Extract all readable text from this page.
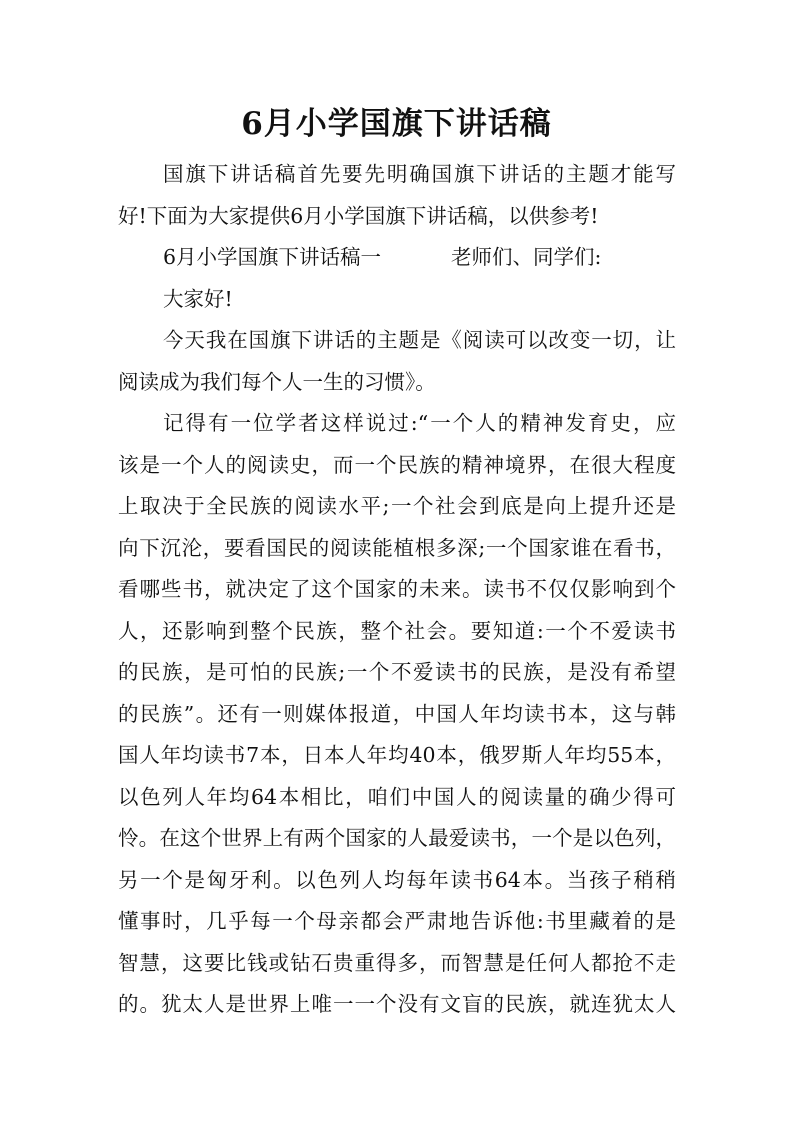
6月小学国旗下讲话稿
国旗下讲话稿首先要先明确国旗下讲话的主题才能写
好!下面为大家提供6月小学国旗下讲话稿，以供参考!
6月小学国旗下讲话稿一	老师们、同学们:
大家好!
今天我在国旗下讲话的主题是《阅读可以改变一切，让
阅读成为我们每个人一生的习惯》。
记得有一位学者这样说过:“一个人的精神发育史，应
该是一个人的阅读史，而一个民族的精神境界，在很大程度
上取决于全民族的阅读水平;一个社会到底是向上提升还是
向下沉沦，要看国民的阅读能植根多深;一个国家谁在看书，
看哪些书，就决定了这个国家的未来。读书不仅仅影响到个
人，还影响到整个民族，整个社会。要知道:一个不爱读书
的民族，是可怕的民族;一个不爱读书的民族，是没有希望
的民族”。还有一则媒体报道，中国人年均读书本，这与韩
国人年均读书7本，日本人年均40本，俄罗斯人年均55本，
以色列人年均64本相比，咱们中国人的阅读量的确少得可
怜。在这个世界上有两个国家的人最爱读书，一个是以色列，
另一个是匈牙利。以色列人均每年读书64本。当孩子稍稍
懂事时，几乎每一个母亲都会严肃地告诉他:书里藏着的是
智慧，这要比钱或钻石贵重得多，而智慧是任何人都抢不走
的。犹太人是世界上唯一一个没有文盲的民族，就连犹太人
